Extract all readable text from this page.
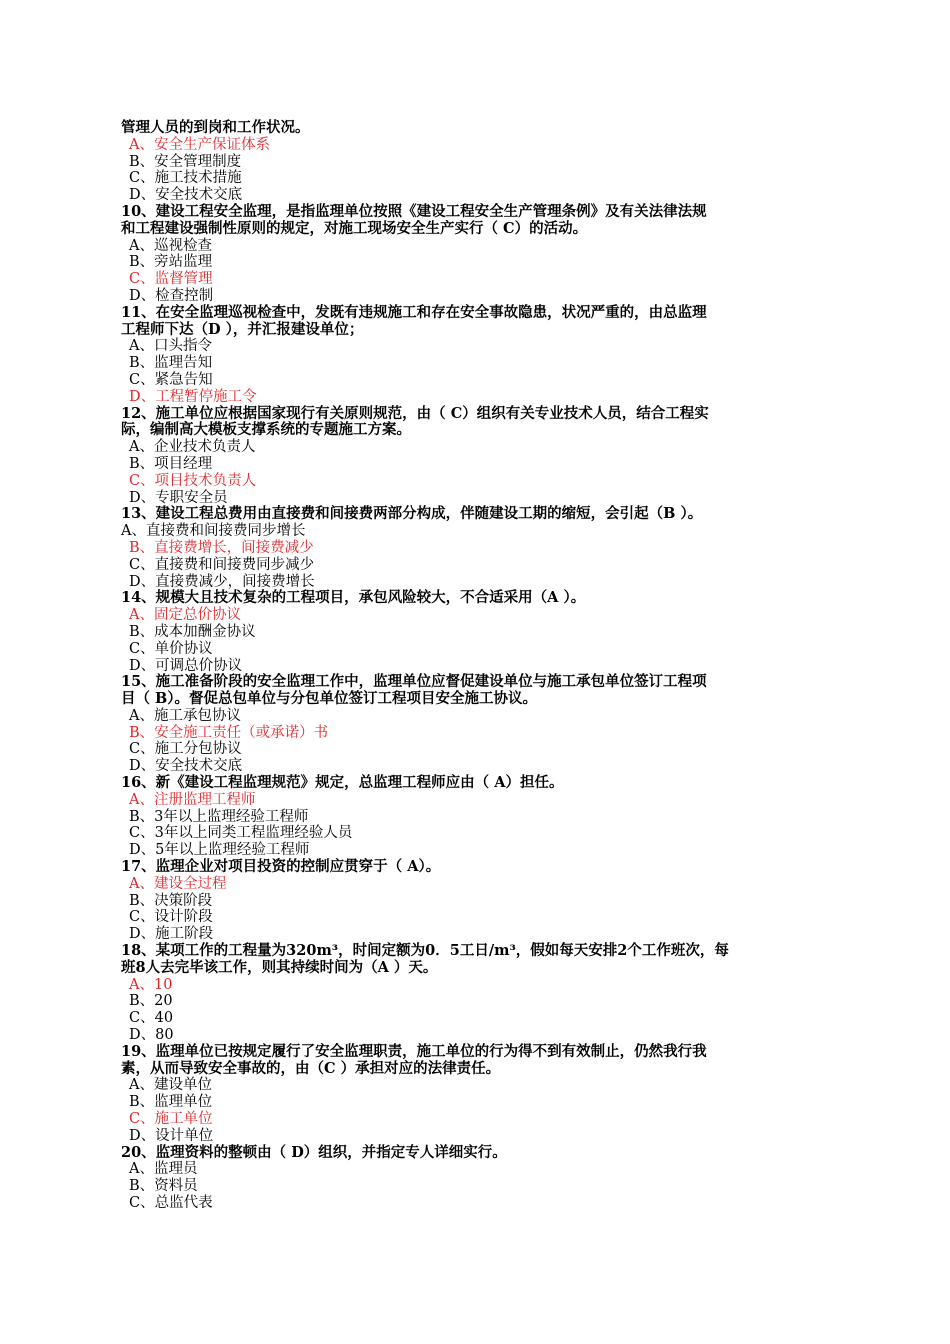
管理人员的到岗和工作状况。
A、安全生产保证体系
B、安全管理制度
C、施工技术措施
D、安全技术交底
10、建设工程安全监理，是指监理单位按照《建设工程安全生产管理条例》及有关法律法规
和工程建设强制性原则的规定，对施工现场安全生产实行（ C）的活动。
A、巡视检查
B、旁站监理
C、监督管理
D、检查控制
11、在安全监理巡视检查中，发既有违规施工和存在安全事故隐患，状况严重的，由总监理
工程师下达（D ），并汇报建设单位；
A、口头指令
B、监理告知
C、紧急告知
D、工程暂停施工令
12、施工单位应根据国家现行有关原则规范，由（ C）组织有关专业技术人员，结合工程实
际，编制高大模板支撑系统的专题施工方案。
A、企业技术负责人
B、项目经理
C、项目技术负责人
D、专职安全员
13、建设工程总费用由直接费和间接费两部分构成，伴随建设工期的缩短，会引起（B ）。
A、直接费和间接费同步增长
B、直接费增长，间接费减少
C、直接费和间接费同步减少
D、直接费减少，间接费增长
14、规模大且技术复杂的工程项目，承包风险较大，不合适采用（A ）。
A、固定总价协议
B、成本加酬金协议
C、单价协议
D、可调总价协议
15、施工准备阶段的安全监理工作中，监理单位应督促建设单位与施工承包单位签订工程项
目（ B）。督促总包单位与分包单位签订工程项目安全施工协议。
A、施工承包协议
B、安全施工责任（或承诺）书
C、施工分包协议
D、安全技术交底
16、新《建设工程监理规范》规定，总监理工程师应由（ A）担任。
A、注册监理工程师
B、3年以上监理经验工程师
C、3年以上同类工程监理经验人员
D、5年以上监理经验工程师
17、监理企业对项目投资的控制应贯穿于（ A）。
A、建设全过程
B、决策阶段
C、设计阶段
D、施工阶段
18、某项工作的工程量为320m³，时间定额为0．5工日/m³，假如每天安排2个工作班次，每
班8人去完毕该工作，则其持续时间为（A ）天。
A、10
B、20
C、40
D、80
19、监理单位已按规定履行了安全监理职责，施工单位的行为得不到有效制止，仍然我行我
素，从而导致安全事故的，由（C ）承担对应的法律责任。
A、建设单位
B、监理单位
C、施工单位
D、设计单位
20、监理资料的整顿由（ D）组织，并指定专人详细实行。
A、监理员
B、资料员
C、总监代表
